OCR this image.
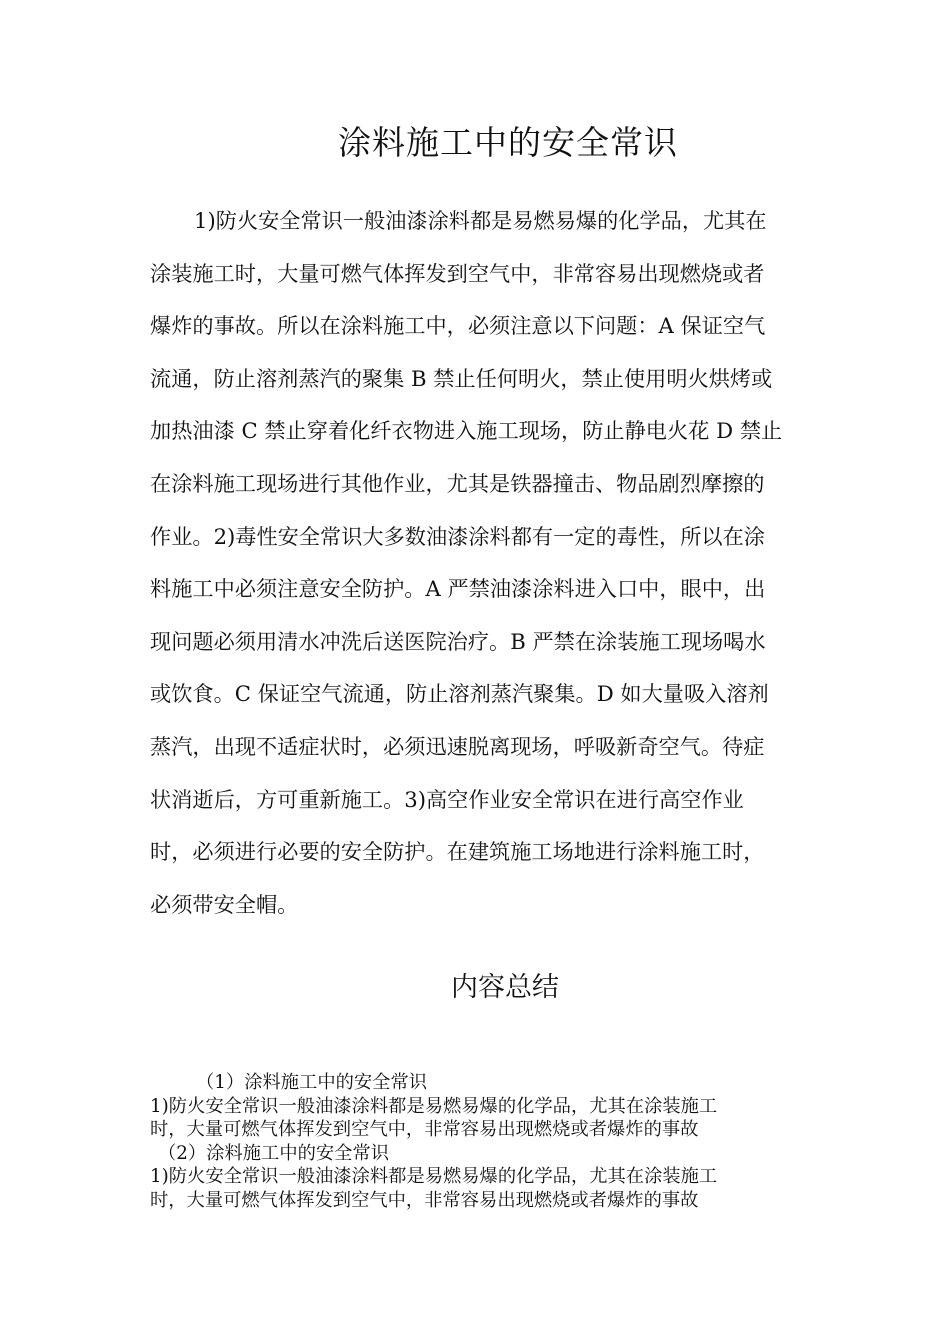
涂料施工中的安全常识
1)防火安全常识一般油漆涂料都是易燃易爆的化学品，尤其在
涂装施工时，大量可燃气体挥发到空气中，非常容易出现燃烧或者
爆炸的事故。所以在涂料施工中，必须注意以下问题：A 保证空气
流通，防止溶剂蒸汽的聚集 B 禁止任何明火，禁止使用明火烘烤或
加热油漆 C 禁止穿着化纤衣物进入施工现场，防止静电火花 D 禁止
在涂料施工现场进行其他作业，尤其是铁器撞击、物品剧烈摩擦的
作业。2)毒性安全常识大多数油漆涂料都有一定的毒性，所以在涂
料施工中必须注意安全防护。A 严禁油漆涂料进入口中，眼中，出
现问题必须用清水冲洗后送医院治疗。B 严禁在涂装施工现场喝水
或饮食。C 保证空气流通，防止溶剂蒸汽聚集。D 如大量吸入溶剂
蒸汽，出现不适症状时，必须迅速脱离现场，呼吸新奇空气。待症
状消逝后，方可重新施工。3)高空作业安全常识在进行高空作业
时，必须进行必要的安全防护。在建筑施工场地进行涂料施工时，
必须带安全帽。
内容总结
（1）涂料施工中的安全常识
1)防火安全常识一般油漆涂料都是易燃易爆的化学品，尤其在涂装施工
时，大量可燃气体挥发到空气中，非常容易出现燃烧或者爆炸的事故
（2）涂料施工中的安全常识
1)防火安全常识一般油漆涂料都是易燃易爆的化学品，尤其在涂装施工
时，大量可燃气体挥发到空气中，非常容易出现燃烧或者爆炸的事故
